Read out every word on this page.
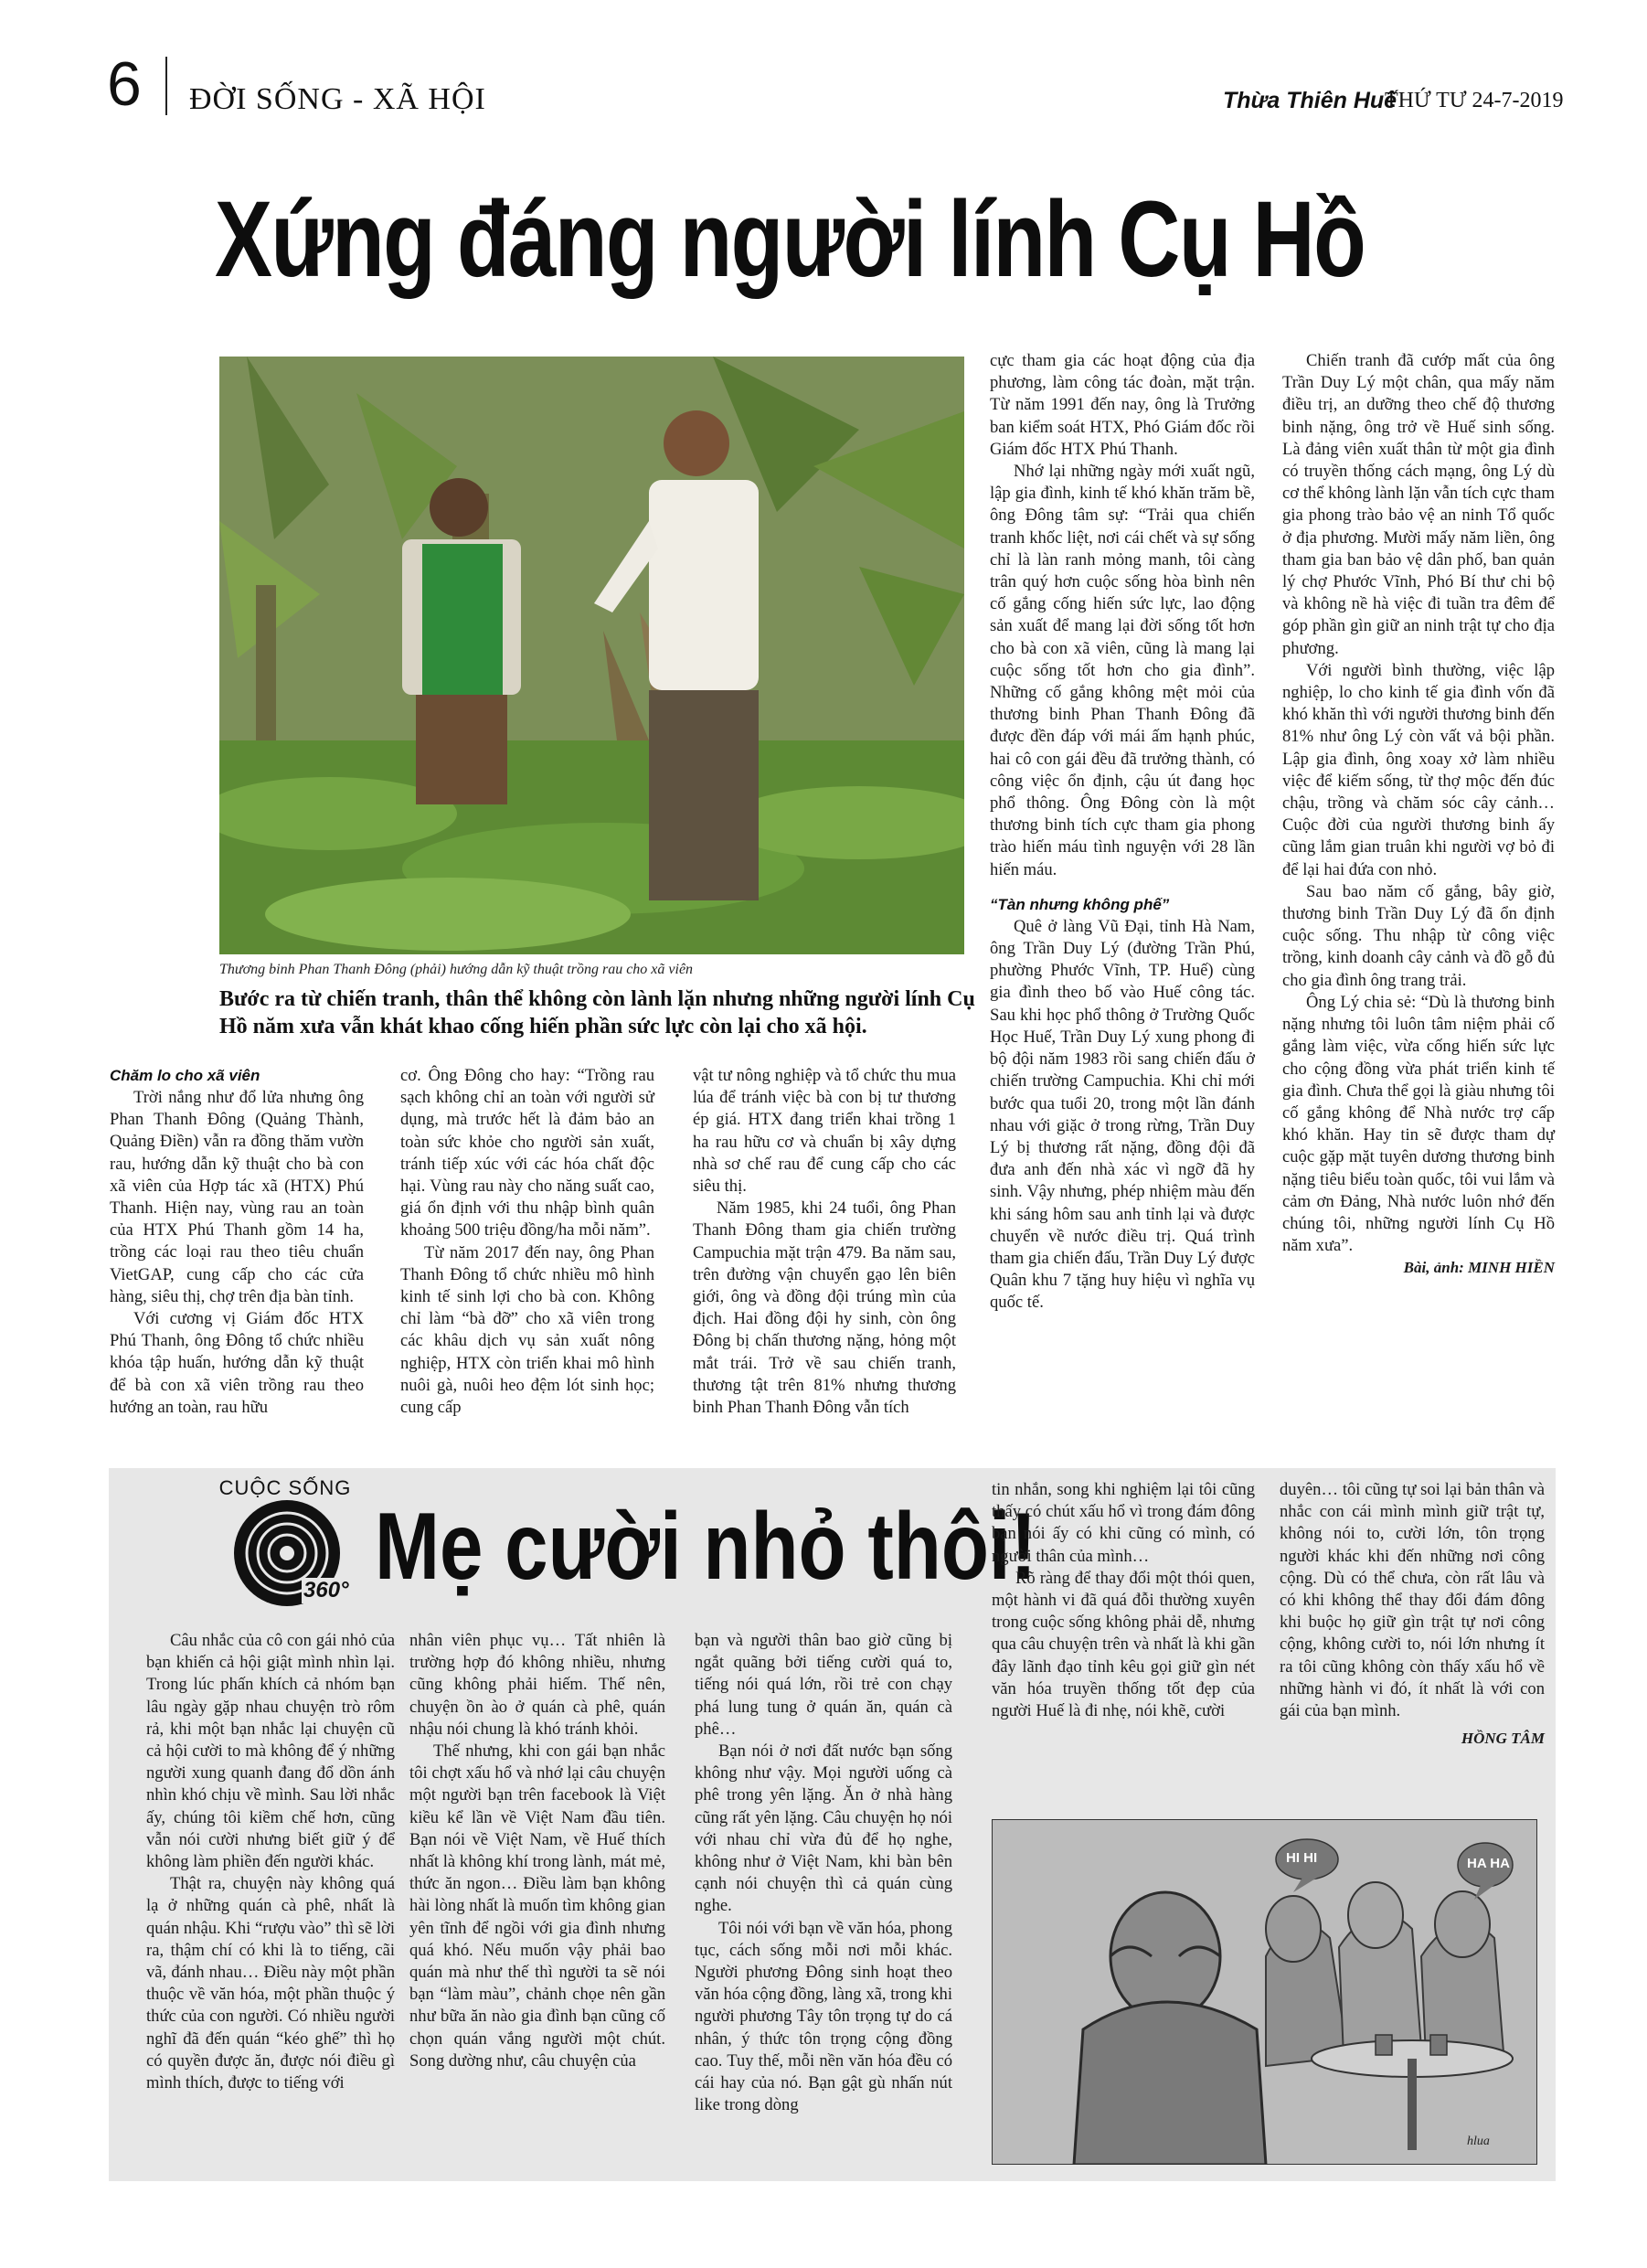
6 ĐỜI SỐNG - XÃ HỘI	Thừa Thiên Huế
THỨ TƯ 24-7-2019
Xứng đáng người lính Cụ Hồ
Thương binh Phan Thanh Đông (phải) hướng dẫn kỹ thuật trồng rau cho xã viên
Bước ra từ chiến tranh, thân thể không còn lành lặn nhưng những người lính Cụ Hồ năm xưa vẫn khát khao cống hiến phần sức lực còn lại cho xã hội.
Chăm lo cho xã viên

Trời nắng như đổ lửa nhưng ông Phan Thanh Đông (Quảng Thành, Quảng Điền) vẫn ra đồng thăm vườn rau, hướng dẫn kỹ thuật cho bà con xã viên của Hợp tác xã (HTX) Phú Thanh. Hiện nay, vùng rau an toàn của HTX Phú Thanh gồm 14 ha, trồng các loại rau theo tiêu chuẩn VietGAP, cung cấp cho các cửa hàng, siêu thị, chợ trên địa bàn tỉnh.

Với cương vị Giám đốc HTX Phú Thanh, ông Đông tổ chức nhiều khóa tập huấn, hướng dẫn kỹ thuật để bà con xã viên trồng rau theo hướng an toàn, rau hữu

cơ. Ông Đông cho hay: “Trồng rau sạch không chỉ an toàn với người sử dụng, mà trước hết là đảm bảo an toàn sức khỏe cho người sản xuất, tránh tiếp xúc với các hóa chất độc hại. Vùng rau này cho năng suất cao, giá ổn định với thu nhập bình quân khoảng 500 triệu đồng/ha mỗi năm”.

Từ năm 2017 đến nay, ông Phan Thanh Đông tổ chức nhiều mô hình kinh tế sinh lợi cho bà con. Không chỉ làm “bà đỡ” cho xã viên trong các khâu dịch vụ sản xuất nông nghiệp, HTX còn triển khai mô hình nuôi gà, nuôi heo đệm lót sinh học; cung cấp

vật tư nông nghiệp và tổ chức thu mua lúa để tránh việc bà con bị tư thương ép giá. HTX đang triển khai trồng 1 ha rau hữu cơ và chuẩn bị xây dựng nhà sơ chế rau để cung cấp cho các siêu thị.

Năm 1985, khi 24 tuổi, ông Phan Thanh Đông tham gia chiến trường Campuchia mặt trận 479. Ba năm sau, trên đường vận chuyển gạo lên biên giới, ông và đồng đội trúng mìn của địch. Hai đồng đội hy sinh, còn ông Đông bị chấn thương nặng, hỏng một mắt trái. Trở về sau chiến tranh, thương tật trên 81% nhưng thương binh Phan Thanh Đông vẫn tích

cực tham gia các hoạt động của địa phương, làm công tác đoàn, mặt trận. Từ năm 1991 đến nay, ông là Trưởng ban kiểm soát HTX, Phó Giám đốc rồi Giám đốc HTX Phú Thanh.

Nhớ lại những ngày mới xuất ngũ, lập gia đình, kinh tế khó khăn trăm bề, ông Đông tâm sự: “Trải qua chiến tranh khốc liệt, nơi cái chết và sự sống chỉ là làn ranh mỏng manh, tôi càng trân quý hơn cuộc sống hòa bình nên cố gắng cống hiến sức lực, lao động sản xuất để mang lại đời sống tốt hơn cho bà con xã viên, cũng là mang lại cuộc sống tốt hơn cho gia đình”. Những cố gắng không mệt mỏi của thương binh Phan Thanh Đông đã được đền đáp với mái ấm hạnh phúc, hai cô con gái đều đã trưởng thành, có công việc ổn định, cậu út đang học phổ thông. Ông Đông còn là một thương binh tích cực tham gia phong trào hiến máu tình nguyện với 28 lần hiến máu.

“Tàn nhưng không phế”

Quê ở làng Vũ Đại, tỉnh Hà Nam, ông Trần Duy Lý (đường Trần Phú, phường Phước Vĩnh, TP. Huế) cùng gia đình theo bố vào Huế công tác. Sau khi học phổ thông ở Trường Quốc Học Huế, Trần Duy Lý xung phong đi bộ đội năm 1983 rồi sang chiến đấu ở chiến trường Campuchia. Khi chỉ mới bước qua tuổi 20, trong một lần đánh nhau với giặc ở trong rừng, Trần Duy Lý bị thương rất nặng, đồng đội đã đưa anh đến nhà xác vì ngỡ đã hy sinh. Vậy nhưng, phép nhiệm màu đến khi sáng hôm sau anh tỉnh lại và được chuyển về nước điều trị. Quá trình tham gia chiến đấu, Trần Duy Lý được Quân khu 7 tặng huy hiệu vì nghĩa vụ quốc tế.

Chiến tranh đã cướp mất của ông Trần Duy Lý một chân, qua mấy năm điều trị, an dưỡng theo chế độ thương binh nặng, ông trở về Huế sinh sống. Là đảng viên xuất thân từ một gia đình có truyền thống cách mạng, ông Lý dù cơ thể không lành lặn vẫn tích cực tham gia phong trào bảo vệ an ninh Tổ quốc ở địa phương. Mười mấy năm liền, ông tham gia ban bảo vệ dân phố, ban quản lý chợ Phước Vĩnh, Phó Bí thư chi bộ và không nề hà việc đi tuần tra đêm để góp phần gìn giữ an ninh trật tự cho địa phương.

Với người bình thường, việc lập nghiệp, lo cho kinh tế gia đình vốn đã khó khăn thì với người thương binh đến 81% như ông Lý còn vất vả bội phần. Lập gia đình, ông xoay xở làm nhiều việc để kiếm sống, từ thợ mộc đến đúc chậu, trồng và chăm sóc cây cảnh… Cuộc đời của người thương binh ấy cũng lắm gian truân khi người vợ bỏ đi để lại hai đứa con nhỏ.

Sau bao năm cố gắng, bây giờ, thương binh Trần Duy Lý đã ổn định cuộc sống. Thu nhập từ công việc trồng, kinh doanh cây cảnh và đồ gỗ đủ cho gia đình ông trang trải.

Ông Lý chia sẻ: “Dù là thương binh nặng nhưng tôi luôn tâm niệm phải cố gắng làm việc, vừa cống hiến sức lực cho cộng đồng vừa phát triển kinh tế gia đình. Chưa thể gọi là giàu nhưng tôi cố gắng không để Nhà nước trợ cấp khó khăn. Hay tin sẽ được tham dự cuộc gặp mặt tuyên dương thương binh nặng tiêu biểu toàn quốc, tôi vui lắm và cảm ơn Đảng, Nhà nước luôn nhớ đến chúng tôi, những người lính Cụ Hồ năm xưa”.

Bài, ảnh: MINH HIỀN
CUỘC SỐNG
360° Mẹ cười nhỏ thôi!

Câu nhắc của cô con gái nhỏ của bạn khiến cả hội giật mình nhìn lại. Trong lúc phấn khích cả nhóm bạn lâu ngày gặp nhau chuyện trò rôm rả, khi một bạn nhắc lại chuyện cũ cả hội cười to mà không để ý những người xung quanh đang đổ dồn ánh nhìn khó chịu về mình. Sau lời nhắc ấy, chúng tôi kiềm chế hơn, cũng vẫn nói cười nhưng biết giữ ý để không làm phiền đến người khác.

Thật ra, chuyện này không quá lạ ở những quán cà phê, nhất là quán nhậu. Khi “rượu vào” thì sẽ lời ra, thậm chí có khi là to tiếng, cãi vã, đánh nhau… Điều này một phần thuộc về văn hóa, một phần thuộc ý thức của con người. Có nhiều người nghĩ đã đến quán “kéo ghế” thì họ có quyền được ăn, được nói điều gì mình thích, được to tiếng với

nhân viên phục vụ… Tất nhiên là trường hợp đó không nhiều, nhưng cũng không phải hiếm. Thế nên, chuyện ồn ào ở quán cà phê, quán nhậu nói chung là khó tránh khỏi.

Thế nhưng, khi con gái bạn nhắc tôi chợt xấu hổ và nhớ lại câu chuyện một người bạn trên facebook là Việt kiều kể lần về Việt Nam đầu tiên. Bạn nói về Việt Nam, về Huế thích nhất là không khí trong lành, mát mẻ, thức ăn ngon… Điều làm bạn không hài lòng nhất là muốn tìm không gian yên tĩnh để ngồi với gia đình nhưng quá khó. Nếu muốn vậy phải bao quán mà như thế thì người ta sẽ nói bạn “làm màu”, chảnh chọe nên gần như bữa ăn nào gia đình bạn cũng cố chọn quán vắng người một chút. Song dường như, câu chuyện của

bạn và người thân bao giờ cũng bị ngắt quãng bởi tiếng cười quá to, tiếng nói quá lớn, rồi trẻ con chạy phá lung tung ở quán ăn, quán cà phê…

Bạn nói ở nơi đất nước bạn sống không như vậy. Mọi người uống cà phê trong yên lặng. Ăn ở nhà hàng cũng rất yên lặng. Câu chuyện họ nói với nhau chỉ vừa đủ để họ nghe, không như ở Việt Nam, khi bàn bên cạnh nói chuyện thì cả quán cùng nghe.

Tôi nói với bạn về văn hóa, phong tục, cách sống mỗi nơi mỗi khác. Người phương Đông sinh hoạt theo văn hóa cộng đồng, làng xã, trong khi người phương Tây tôn trọng tự do cá nhân, ý thức tôn trọng cộng đồng cao. Tuy thế, mỗi nền văn hóa đều có cái hay của nó. Bạn gật gù nhấn nút like trong dòng

tin nhắn, song khi nghiệm lại tôi cũng thấy có chút xấu hổ vì trong đám đông bạn nói ấy có khi cũng có mình, có người thân của mình…

Rõ ràng để thay đổi một thói quen, một hành vi đã quá đỗi thường xuyên trong cuộc sống không phải dễ, nhưng qua câu chuyện trên và nhất là khi gần đây lãnh đạo tỉnh kêu gọi giữ gìn nét văn hóa truyền thống tốt đẹp của người Huế là đi nhẹ, nói khẽ, cười

duyên… tôi cũng tự soi lại bản thân và nhắc con cái mình mình giữ trật tự, không nói to, cười lớn, tôn trọng người khác khi đến những nơi công cộng. Dù có thể chưa, còn rất lâu và có khi không thể thay đổi đám đông khi buộc họ giữ gìn trật tự nơi công cộng, không cười to, nói lớn nhưng ít ra tôi cũng không còn thấy xấu hổ về những hành vi đó, ít nhất là với con gái của bạn mình.

HỒNG TÂM
HI HI	HA HA
hlua
